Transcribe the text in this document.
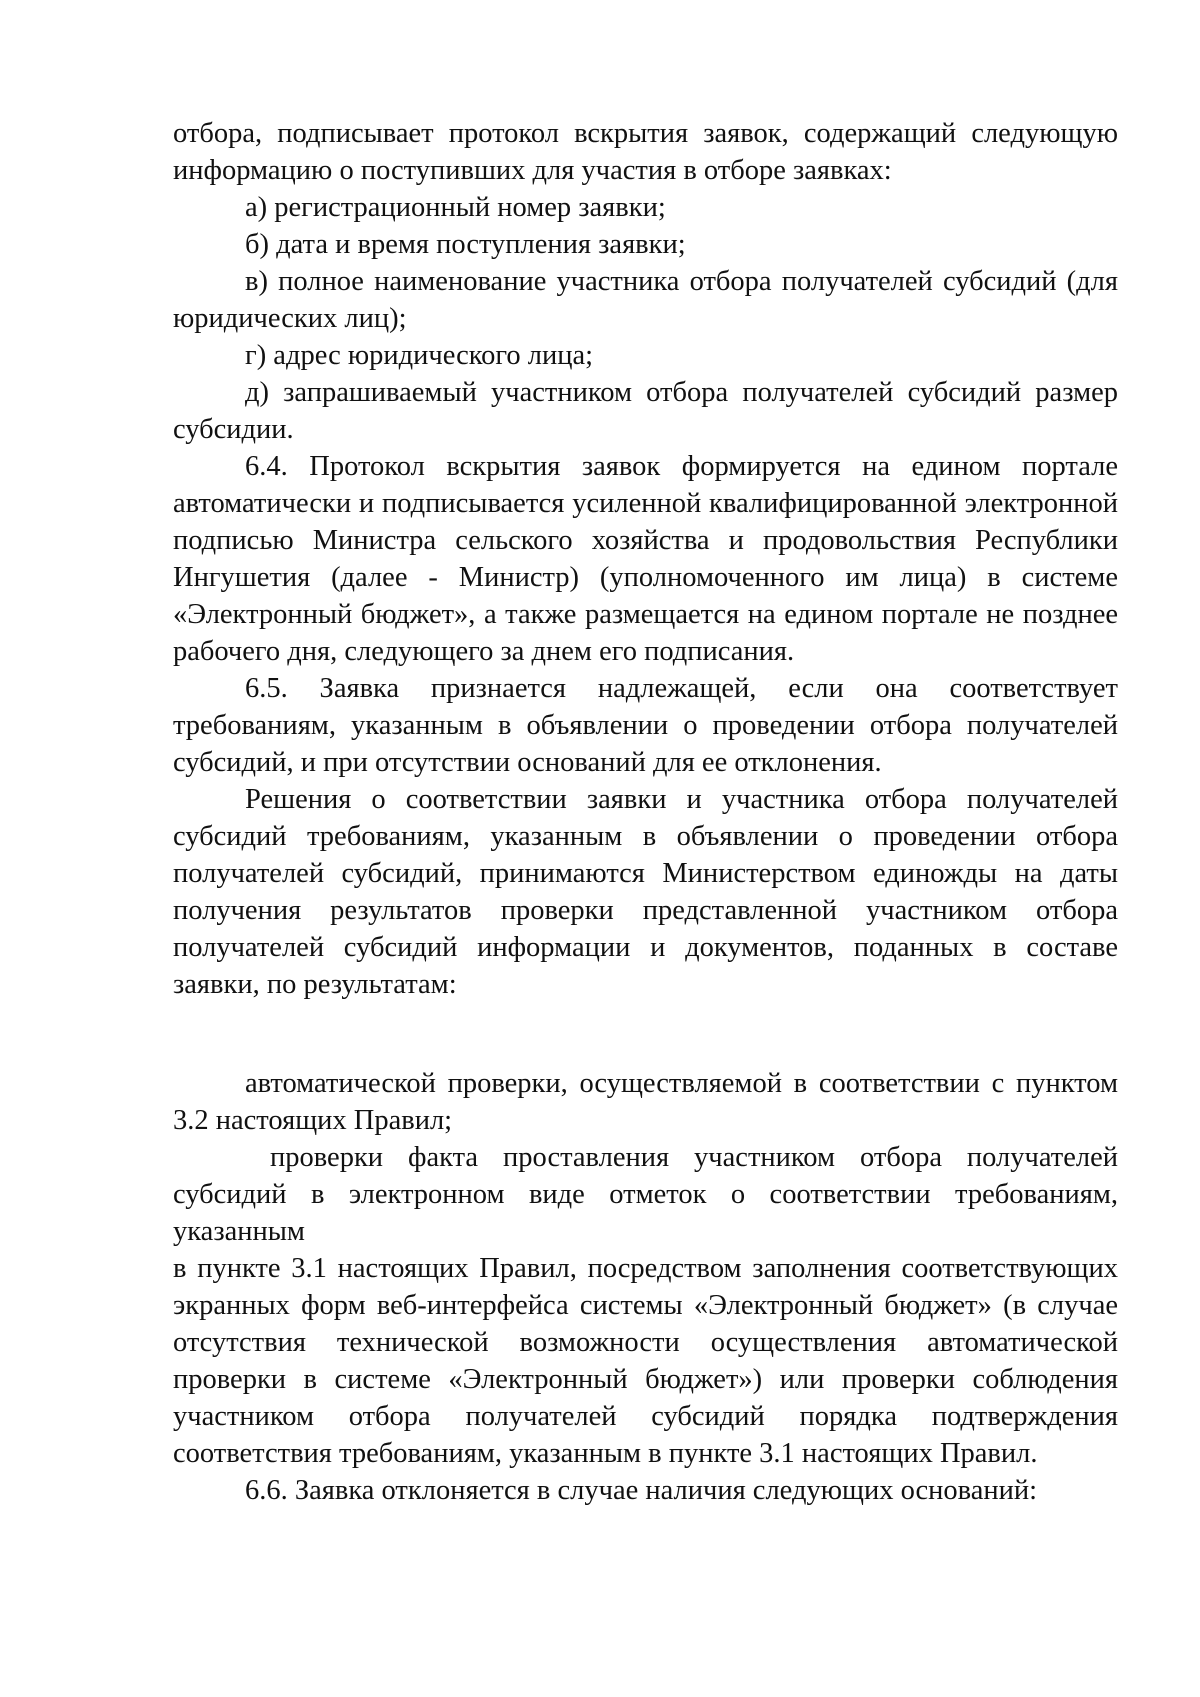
отбора, подписывает протокол вскрытия заявок, содержащий следующую информацию о поступивших для участия в отборе заявках:

а) регистрационный номер заявки;

б) дата и время поступления заявки;

в) полное наименование участника отбора получателей субсидий (для юридических лиц);

г) адрес юридического лица;

д) запрашиваемый участником отбора получателей субсидий размер субсидии.

6.4. Протокол вскрытия заявок формируется на едином портале автоматически и подписывается усиленной квалифицированной электронной подписью Министра сельского хозяйства и продовольствия Республики Ингушетия (далее - Министр) (уполномоченного им лица) в системе «Электронный бюджет», а также размещается на едином портале не позднее рабочего дня, следующего за днем его подписания.

6.5. Заявка признается надлежащей, если она соответствует требованиям, указанным в объявлении о проведении отбора получателей субсидий, и при отсутствии оснований для ее отклонения.

Решения о соответствии заявки и участника отбора получателей субсидий требованиям, указанным в объявлении о проведении отбора получателей субсидий, принимаются Министерством единожды на даты получения результатов проверки представленной участником отбора получателей субсидий информации и документов, поданных в составе заявки, по результатам:

автоматической проверки, осуществляемой в соответствии с пунктом 3.2 настоящих Правил;

проверки факта проставления участником отбора получателей субсидий в электронном виде отметок о соответствии требованиям, указанным

в пункте 3.1 настоящих Правил, посредством заполнения соответствующих экранных форм веб-интерфейса системы «Электронный бюджет» (в случае отсутствия технической возможности осуществления автоматической проверки в системе «Электронный бюджет») или проверки соблюдения участником отбора получателей субсидий порядка подтверждения соответствия требованиям, указанным в пункте 3.1 настоящих Правил.

6.6. Заявка отклоняется в случае наличия следующих оснований:
